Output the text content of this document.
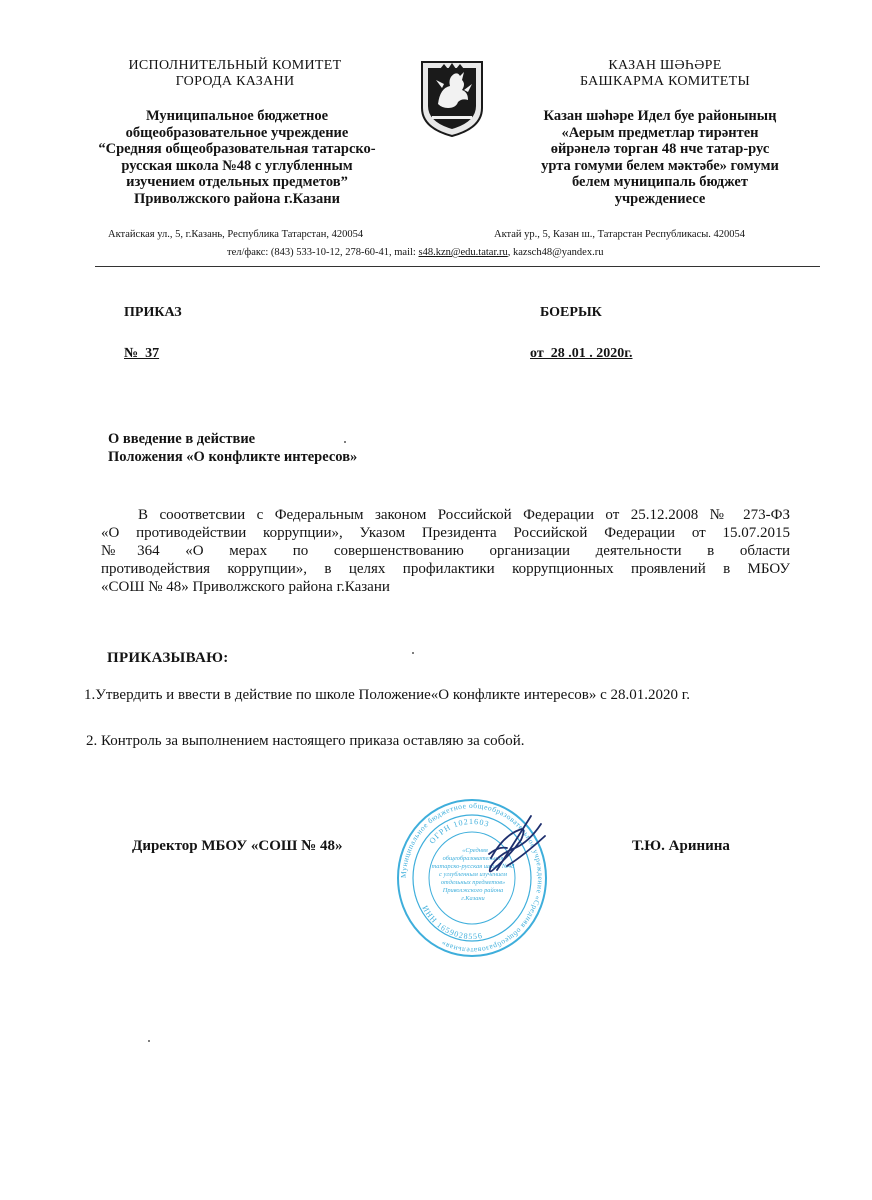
ИСПОЛНИТЕЛЬНЫЙ КОМИТЕТ
ГОРОДА КАЗАНИ
Муниципальное бюджетное
общеобразовательное учреждение
“Средняя общеобразовательная татарско-
русская школа №48 с углубленным
изучением отдельных предметов”
Приволжского района г.Казани
КАЗАН ШӘҺӘРЕ
БАШКАРМА КОМИТЕТЫ
Казан шәһәре Идел буе районының
«Аерым предметлар тирәнтен
өйрәнелә торган 48 нче татар-рус
урта гомуми белем мәктәбе» гомуми
белем муниципаль бюджет
учреждениесе
Актайская ул., 5, г.Казань, Республика Татарстан, 420054	Актай ур., 5, Казан ш., Татарстан Республикасы. 420054
тел/факс: (843) 533-10-12, 278-60-41, mail: s48.kzn@edu.tatar.ru, kazsch48@yandex.ru
ПРИКАЗ	БОЕРЫК
№  37	от  28 .01 . 2020г.
О введение в действие
Положения «О конфликте интересов»
В сооответсвии с Федеральным законом Российской Федерации от 25.12.2008 № 273-ФЗ
«О противодействии коррупции», Указом Президента Российской Федерации от 15.07.2015
№364 «О мерах по совершенствованию организации деятельности в области
противодействия коррупции», в целях профилактики коррупционных проявлений в МБОУ
«СОШ № 48» Приволжского района г.Казани
ПРИКАЗЫВАЮ:
1.Утвердить и ввести в действие по школе Положение«О конфликте интересов» с 28.01.2020 г.
2. Контроль за выполнением настоящего приказа оставляю за собой.
Муниципальное бюджетное общеобразовательное учреждение «Средняя общеобразовательная»
ОГРН 1021603
ИНН 1659028556
«Средняя
общеобразовательная
татарско-русская школа №48
с углубленным изучением
отдельных предметов»
Приволжского района
г.Казани
Директор МБОУ «СОШ № 48»	Т.Ю. Аринина
